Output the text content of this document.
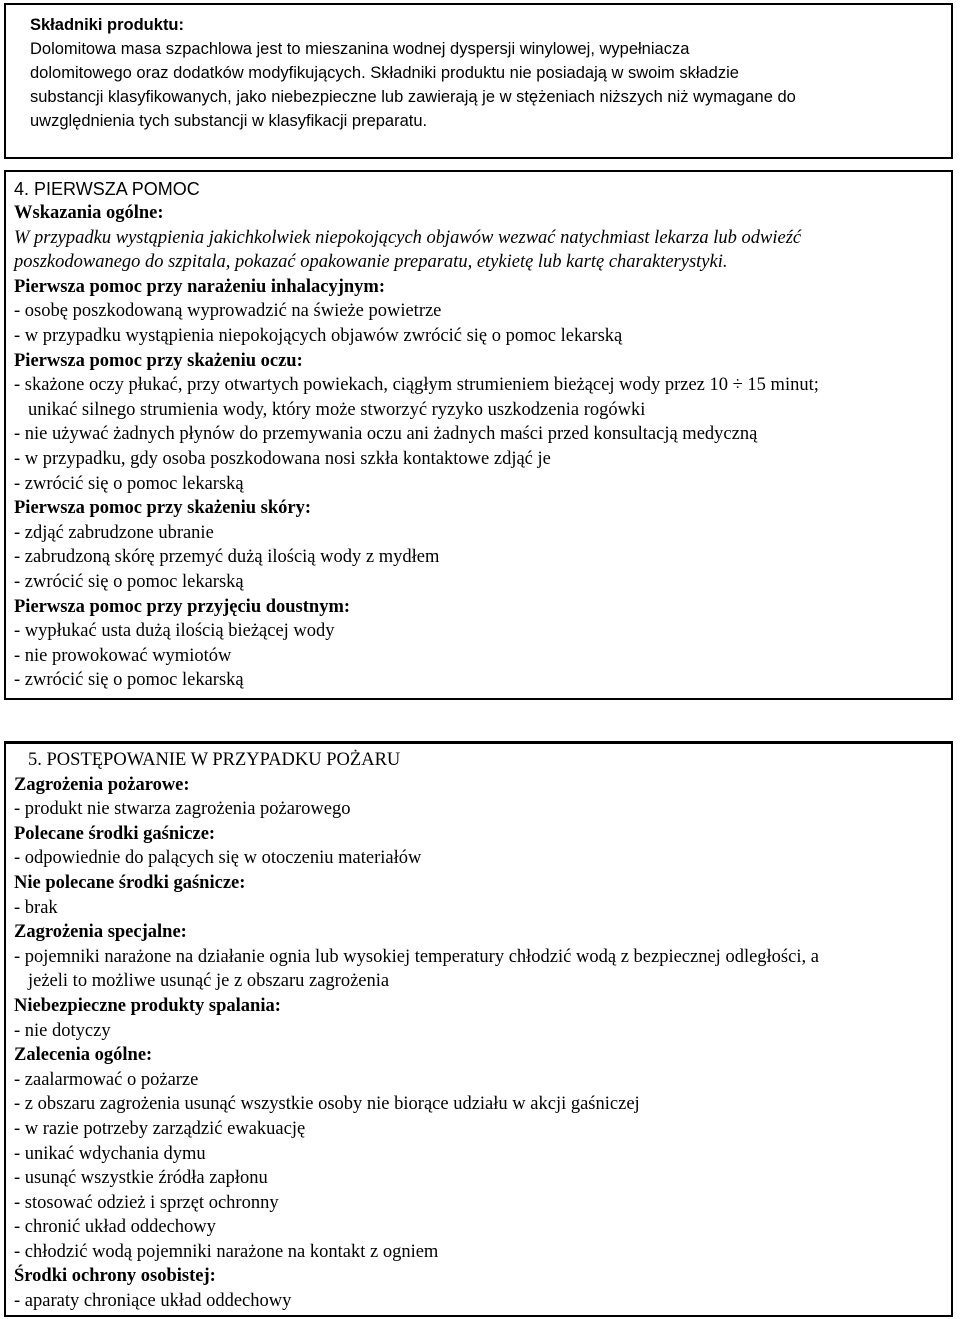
Składniki produktu:
Dolomitowa masa szpachlowa jest to mieszanina wodnej dyspersji winylowej, wypełniacza
dolomitowego oraz dodatków modyfikujących. Składniki produktu nie posiadają w swoim składzie
substancji klasyfikowanych, jako niebezpieczne lub zawierają je w stężeniach niższych niż wymagane do
uwzględnienia tych substancji w klasyfikacji preparatu.
4. PIERWSZA POMOC
Wskazania ogólne:
W przypadku wystąpienia jakichkolwiek niepokojących objawów wezwać natychmiast lekarza lub odwieźć
poszkodowanego do szpitala, pokazać opakowanie preparatu, etykietę lub kartę charakterystyki.
Pierwsza pomoc przy narażeniu inhalacyjnym:
- osobę poszkodowaną wyprowadzić na świeże powietrze
- w przypadku wystąpienia niepokojących objawów zwrócić się o pomoc lekarską
Pierwsza pomoc przy skażeniu oczu:
- skażone oczy płukać, przy otwartych powiekach, ciągłym strumieniem bieżącej wody przez 10 ÷ 15 minut;
unikać silnego strumienia wody, który może stworzyć ryzyko uszkodzenia rogówki
- nie używać żadnych płynów do przemywania oczu ani żadnych maści przed konsultacją medyczną
- w przypadku, gdy osoba poszkodowana nosi szkła kontaktowe zdjąć je
- zwrócić się o pomoc lekarską
Pierwsza pomoc przy skażeniu skóry:
- zdjąć zabrudzone ubranie
- zabrudzoną skórę przemyć dużą ilością wody z mydłem
- zwrócić się o pomoc lekarską
Pierwsza pomoc przy przyjęciu doustnym:
- wypłukać usta dużą ilością bieżącej wody
- nie prowokować wymiotów
- zwrócić się o pomoc lekarską
5. POSTĘPOWANIE W PRZYPADKU POŻARU
Zagrożenia pożarowe:
- produkt nie stwarza zagrożenia pożarowego
Polecane środki gaśnicze:
- odpowiednie do palących się w otoczeniu materiałów
Nie polecane środki gaśnicze:
- brak
Zagrożenia specjalne:
- pojemniki narażone na działanie ognia lub wysokiej temperatury chłodzić wodą z bezpiecznej odległości, a
jeżeli to możliwe usunąć je z obszaru zagrożenia
Niebezpieczne produkty spalania:
- nie dotyczy
Zalecenia ogólne:
- zaalarmować o pożarze
- z obszaru zagrożenia usunąć wszystkie osoby nie biorące udziału w akcji gaśniczej
- w razie potrzeby zarządzić ewakuację
- unikać wdychania dymu
- usunąć wszystkie źródła zapłonu
- stosować odzież i sprzęt ochronny
- chronić układ oddechowy
- chłodzić wodą pojemniki narażone na kontakt z ogniem
Środki ochrony osobistej:
- aparaty chroniące układ oddechowy
